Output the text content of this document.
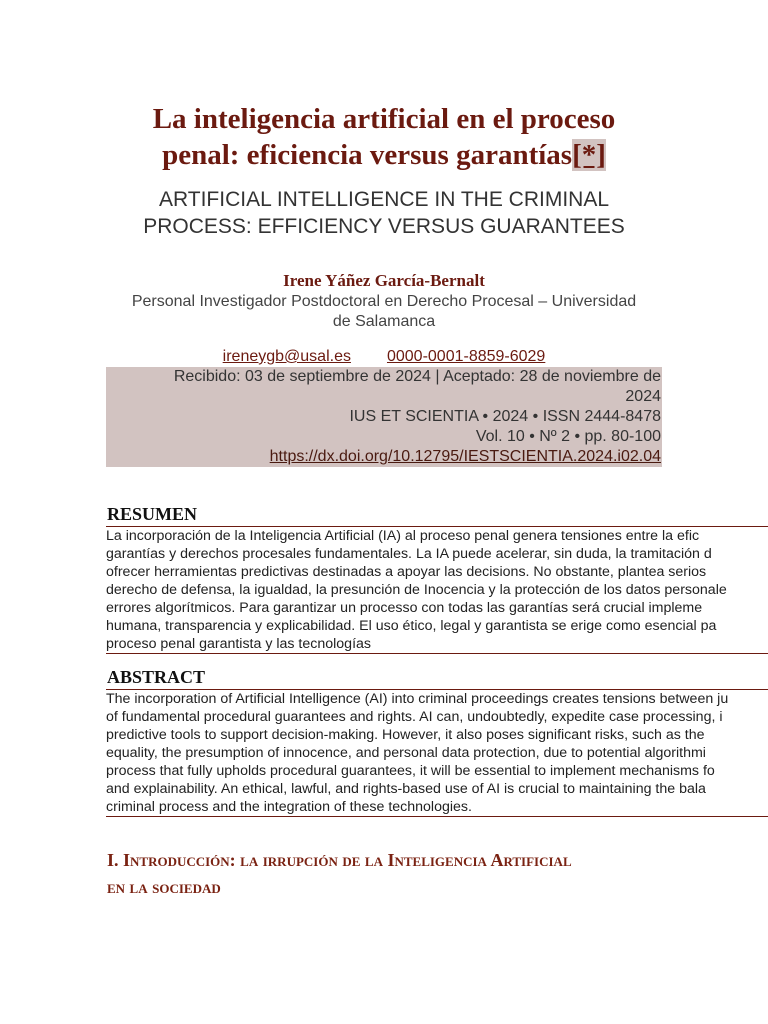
La inteligencia artificial en el proceso
penal: eficiencia versus garantías[*]
ARTIFICIAL INTELLIGENCE IN THE CRIMINAL
PROCESS: EFFICIENCY VERSUS GUARANTEES
Irene Yáñez García-Bernalt
Personal Investigador Postdoctoral en Derecho Procesal – Universidad
de Salamanca
ireneygb@usal.es 0000-0001-8859-6029
Recibido: 03 de septiembre de 2024 | Aceptado: 28 de noviembre de
2024
IUS ET SCIENTIA • 2024 • ISSN 2444-8478
Vol. 10 • Nº 2 • pp. 80-100
https://dx.doi.org/10.12795/IESTSCIENTIA.2024.i02.04
RESUMEN
La incorporación de la Inteligencia Artificial (IA) al proceso penal genera tensiones entre la efic
garantías y derechos procesales fundamentales. La IA puede acelerar, sin duda, la tramitación d
ofrecer herramientas predictivas destinadas a apoyar las decisions. No obstante, plantea serios
derecho de defensa, la igualdad, la presunción de Inocencia y la protección de los datos personale
errores algorítmicos. Para garantizar un processo con todas las garantías será crucial impleme
humana, transparencia y explicabilidad. El uso ético, legal y garantista se erige como esencial pa
proceso penal garantista y las tecnologías
ABSTRACT
The incorporation of Artificial Intelligence (AI) into criminal proceedings creates tensions between ju
of fundamental procedural guarantees and rights. AI can, undoubtedly, expedite case processing, i
predictive tools to support decision-making. However, it also poses significant risks, such as the
equality, the presumption of innocence, and personal data protection, due to potential algorithmi
process that fully upholds procedural guarantees, it will be essential to implement mechanisms fo
and explainability. An ethical, lawful, and rights-based use of AI is crucial to maintaining the bala
criminal process and the integration of these technologies.
I. Introducción: la irrupción de la Inteligencia Artificial
en la sociedad
